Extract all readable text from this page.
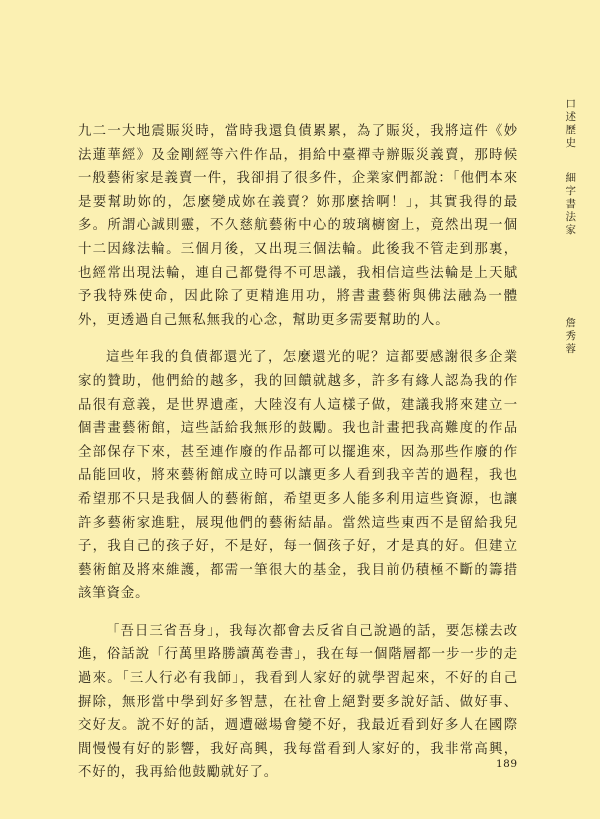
口述歷史
細字書法家
詹秀蓉

九二一大地震賑災時，當時我還負債累累，為了賑災，我將這件《妙法蓮華經》及金剛經等六件作品，捐給中臺禪寺辦賑災義賣，那時候一般藝術家是義賣一件，我卻捐了很多件，企業家們都說：「他們本來是要幫助妳的，怎麼變成妳在義賣？妳那麼捨啊！」，其實我得的最多。所謂心誠則靈，不久慈航藝術中心的玻璃櫥窗上，竟然出現一個十二因緣法輪。三個月後，又出現三個法輪。此後我不管走到那裏，也經常出現法輪，連自己都覺得不可思議，我相信這些法輪是上天賦予我特殊使命，因此除了更精進用功，將書畫藝術與佛法融為一體外，更透過自己無私無我的心念，幫助更多需要幫助的人。

這些年我的負債都還光了，怎麼還光的呢？這都要感謝很多企業家的贊助，他們給的越多，我的回饋就越多，許多有緣人認為我的作品很有意義，是世界遺產，大陸沒有人這樣子做，建議我將來建立一個書畫藝術館，這些話給我無形的鼓勵。我也計畫把我高難度的作品全部保存下來，甚至連作廢的作品都可以擺進來，因為那些作廢的作品能回收，將來藝術館成立時可以讓更多人看到我辛苦的過程，我也希望那不只是我個人的藝術館，希望更多人能多利用這些資源，也讓許多藝術家進駐，展現他們的藝術結晶。當然這些東西不是留給我兒子，我自己的孩子好，不是好，每一個孩子好，才是真的好。但建立藝術館及將來維護，都需一筆很大的基金，我目前仍積極不斷的籌措該筆資金。

「吾日三省吾身」，我每次都會去反省自己說過的話，要怎樣去改進，俗話說「行萬里路勝讀萬卷書」，我在每一個階層都一步一步的走過來。「三人行必有我師」，我看到人家好的就學習起來，不好的自己摒除，無形當中學到好多智慧，在社會上絕對要多說好話、做好事、交好友。說不好的話，週遭磁場會變不好，我最近看到好多人在國際間慢慢有好的影響，我好高興，我每當看到人家好的，我非常高興，不好的，我再給他鼓勵就好了。

189
